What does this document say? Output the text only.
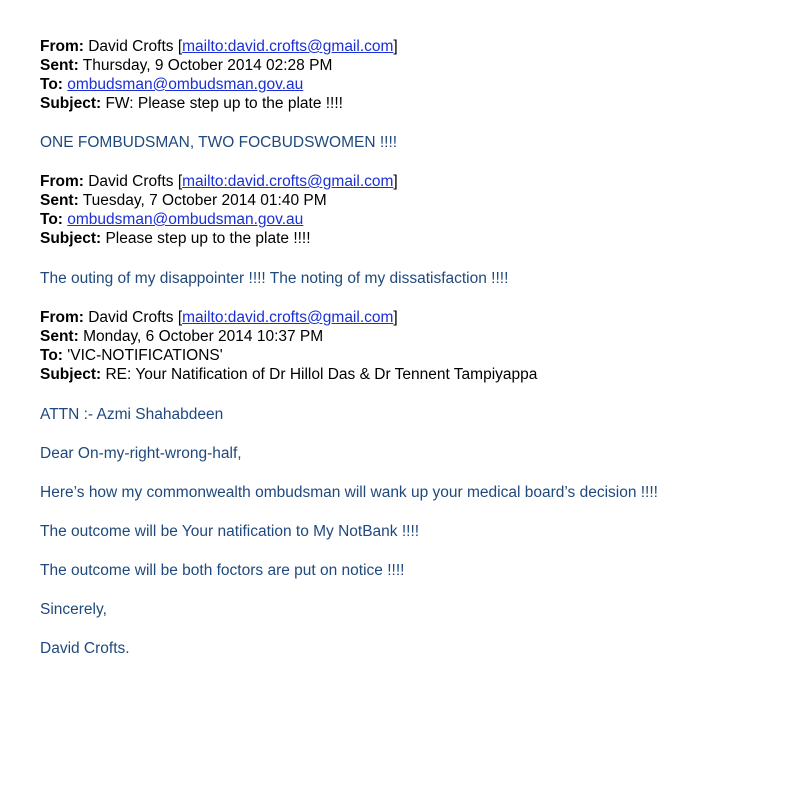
From: David Crofts [mailto:david.crofts@gmail.com]
Sent: Thursday, 9 October 2014 02:28 PM
To: ombudsman@ombudsman.gov.au
Subject: FW: Please step up to the plate !!!!
ONE FOMBUDSMAN, TWO FOCBUDSWOMEN !!!!
From: David Crofts [mailto:david.crofts@gmail.com]
Sent: Tuesday, 7 October 2014 01:40 PM
To: ombudsman@ombudsman.gov.au
Subject: Please step up to the plate !!!!
The outing of my disappointer !!!! The noting of my dissatisfaction !!!!
From: David Crofts [mailto:david.crofts@gmail.com]
Sent: Monday, 6 October 2014 10:37 PM
To: 'VIC-NOTIFICATIONS'
Subject: RE: Your Natification of Dr Hillol Das & Dr Tennent Tampiyappa
ATTN :- Azmi Shahabdeen
Dear On-my-right-wrong-half,
Here’s how my commonwealth ombudsman will wank up your medical board’s decision !!!!
The outcome will be Your natification to My NotBank !!!!
The outcome will be both foctors are put on notice !!!!
Sincerely,
David Crofts.
